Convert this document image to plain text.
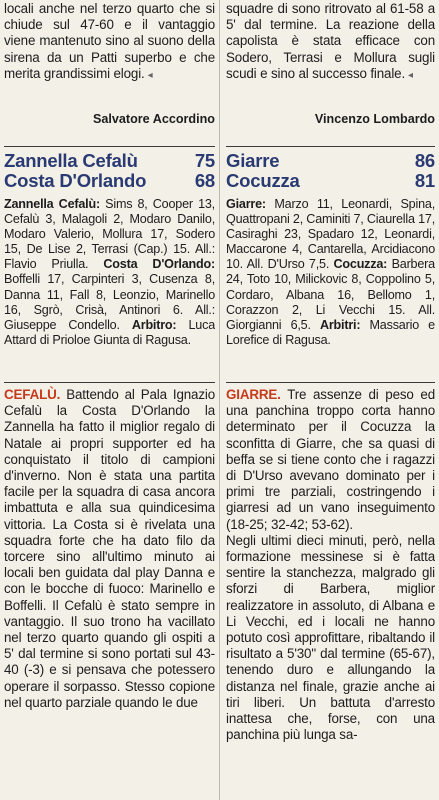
locali anche nel terzo quarto che si chiude sul 47-60 e il vantaggio viene mantenuto sino al suono della sirena da un Patti superbo e che merita grandissimi elogi. ◂

Salvatore Accordino
Zannella Cefalù	75
Costa D'Orlando	68

Zannella Cefalù: Sims 8, Cooper 13, Cefalù 3, Malagoli 2, Modaro Danilo, Modaro Valerio, Mollura 17, Sodero 15, De Lise 2, Terrasi (Cap.) 15. All.: Flavio Priulla. Costa D'Orlando: Boffelli 17, Carpinteri 3, Cusenza 8, Danna 11, Fall 8, Leonzio, Marinello 16, Sgrò, Crisà, Antinori 6. All.: Giuseppe Condello. Arbitro: Luca Attard di Prioloe Giunta di Ragusa.

CEFALÙ. Battendo al Pala Ignazio Cefalù la Costa D'Orlando la Zannella ha fatto il miglior regalo di Natale ai propri supporter ed ha conquistato il titolo di campioni d'inverno. Non è stata una partita facile per la squadra di casa ancora imbattuta e alla sua quindicesima vittoria. La Costa si è rivelata una squadra forte che ha dato filo da torcere sino all'ultimo minuto ai locali ben guidata dal play Danna e con le bocche di fuoco: Marinello e Boffelli. Il Cefalù è stato sempre in vantaggio. Il suo trono ha vacillato nel terzo quarto quando gli ospiti a 5' dal termine si sono portati sul 43-40 (-3) e si pensava che potessero operare il sorpasso. Stesso copione nel quarto parziale quando le due

squadre di sono ritrovato al 61-58 a 5' dal termine. La reazione della capolista è stata efficace con Sodero, Terrasi e Mollura sugli scudi e sino al successo finale. ◂

Vincenzo Lombardo
Giarre	86
Cocuzza	81

Giarre: Marzo 11, Leonardi, Spina, Quattropani 2, Caminiti 7, Ciaurella 17, Casiraghi 23, Spadaro 12, Leonardi, Maccarone 4, Cantarella, Arcidiacono 10. All. D'Urso 7,5. Cocuzza: Barbera 24, Toto 10, Milickovic 8, Coppolino 5, Cordaro, Albana 16, Bellomo 1, Corazzon 2, Li Vecchi 15. All. Giorgianni 6,5. Arbitri: Massario e Lorefice di Ragusa.

GIARRE. Tre assenze di peso ed una panchina troppo corta hanno determinato per il Cocuzza la sconfitta di Giarre, che sa quasi di beffa se si tiene conto che i ragazzi di D'Urso avevano dominato per i primi tre parziali, costringendo i giarresi ad un vano inseguimento (18-25; 32-42; 53-62).

Negli ultimi dieci minuti, però, nella formazione messinese si è fatta sentire la stanchezza, malgrado gli sforzi di Barbera, miglior realizzatore in assoluto, di Albana e Li Vecchi, ed i locali ne hanno potuto così approfittare, ribaltando il risultato a 5'30" dal termine (65-67), tenendo duro e allungando la distanza nel finale, grazie anche ai tiri liberi. Un battuta d'arresto inattesa che, forse, con una panchina più lunga sa-
